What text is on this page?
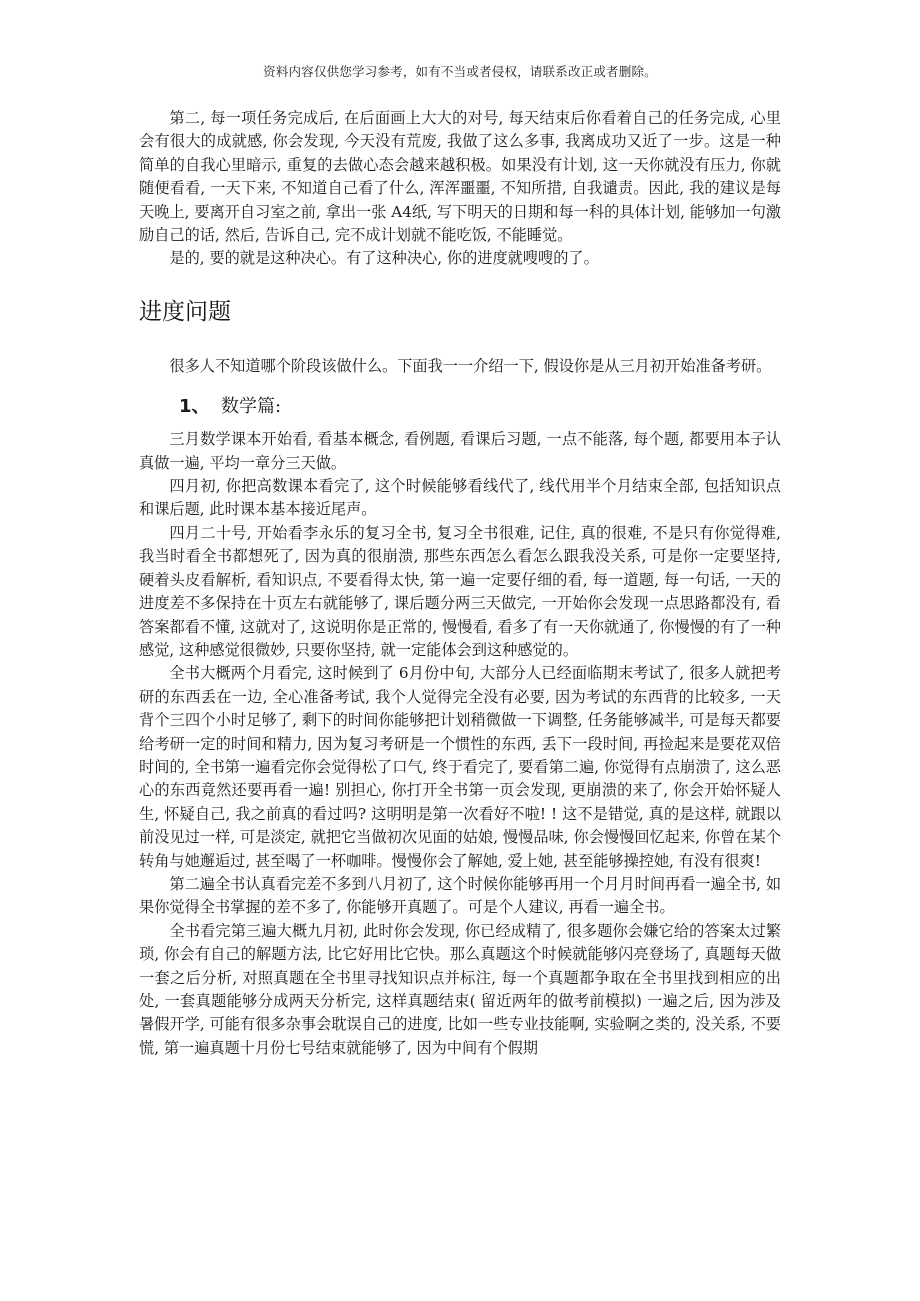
资料内容仅供您学习参考，如有不当或者侵权，请联系改正或者删除。

第二, 每一项任务完成后, 在后面画上大大的对号, 每天结束后你看着自己的任务完成, 心里会有很大的成就感, 你会发现, 今天没有荒废, 我做了这么多事, 我离成功又近了一步。这是一种简单的自我心里暗示, 重复的去做心态会越来越积极。如果没有计划, 这一天你就没有压力, 你就随便看看, 一天下来, 不知道自己看了什么, 浑浑噩噩, 不知所措, 自我谴责。因此, 我的建议是每天晚上, 要离开自习室之前, 拿出一张 A4纸, 写下明天的日期和每一科的具体计划, 能够加一句激励自己的话, 然后, 告诉自己, 完不成计划就不能吃饭, 不能睡觉。

是的, 要的就是这种决心。有了这种决心, 你的进度就嗖嗖的了。

进度问题

很多人不知道哪个阶段该做什么。下面我一一介绍一下, 假设你是从三月初开始准备考研。

1、 数学篇:

三月数学课本开始看, 看基本概念, 看例题, 看课后习题, 一点不能落, 每个题, 都要用本子认真做一遍, 平均一章分三天做。

四月初, 你把高数课本看完了, 这个时候能够看线代了, 线代用半个月结束全部, 包括知识点和课后题, 此时课本基本接近尾声。

四月二十号, 开始看李永乐的复习全书, 复习全书很难, 记住, 真的很难, 不是只有你觉得难, 我当时看全书都想死了, 因为真的很崩溃, 那些东西怎么看怎么跟我没关系, 可是你一定要坚持, 硬着头皮看解析, 看知识点, 不要看得太快, 第一遍一定要仔细的看, 每一道题, 每一句话, 一天的进度差不多保持在十页左右就能够了, 课后题分两三天做完, 一开始你会发现一点思路都没有, 看答案都看不懂, 这就对了, 这说明你是正常的, 慢慢看, 看多了有一天你就通了, 你慢慢的有了一种感觉, 这种感觉很微妙, 只要你坚持, 就一定能体会到这种感觉的。

全书大概两个月看完, 这时候到了 6月份中旬, 大部分人已经面临期末考试了, 很多人就把考研的东西丢在一边, 全心准备考试, 我个人觉得完全没有必要, 因为考试的东西背的比较多, 一天背个三四个小时足够了, 剩下的时间你能够把计划稍微做一下调整, 任务能够减半, 可是每天都要给考研一定的时间和精力, 因为复习考研是一个惯性的东西, 丢下一段时间, 再捡起来是要花双倍时间的, 全书第一遍看完你会觉得松了口气, 终于看完了, 要看第二遍, 你觉得有点崩溃了, 这么恶心的东西竟然还要再看一遍! 别担心, 你打开全书第一页会发现, 更崩溃的来了, 你会开始怀疑人生, 怀疑自己, 我之前真的看过吗? 这明明是第一次看好不啦! ! 这不是错觉, 真的是这样, 就跟以前没见过一样, 可是淡定, 就把它当做初次见面的姑娘, 慢慢品味, 你会慢慢回忆起来, 你曾在某个转角与她邂逅过, 甚至喝了一杯咖啡。慢慢你会了解她, 爱上她, 甚至能够操控她, 有没有很爽!

第二遍全书认真看完差不多到八月初了, 这个时候你能够再用一个月月时间再看一遍全书, 如果你觉得全书掌握的差不多了, 你能够开真题了。可是个人建议, 再看一遍全书。

全书看完第三遍大概九月初, 此时你会发现, 你已经成精了, 很多题你会嫌它给的答案太过繁琐, 你会有自己的解题方法, 比它好用比它快。那么真题这个时候就能够闪亮登场了, 真题每天做一套之后分析, 对照真题在全书里寻找知识点并标注, 每一个真题都争取在全书里找到相应的出处, 一套真题能够分成两天分析完, 这样真题结束( 留近两年的做考前模拟) 一遍之后, 因为涉及暑假开学, 可能有很多杂事会耽误自己的进度, 比如一些专业技能啊, 实验啊之类的, 没关系, 不要慌, 第一遍真题十月份七号结束就能够了, 因为中间有个假期
